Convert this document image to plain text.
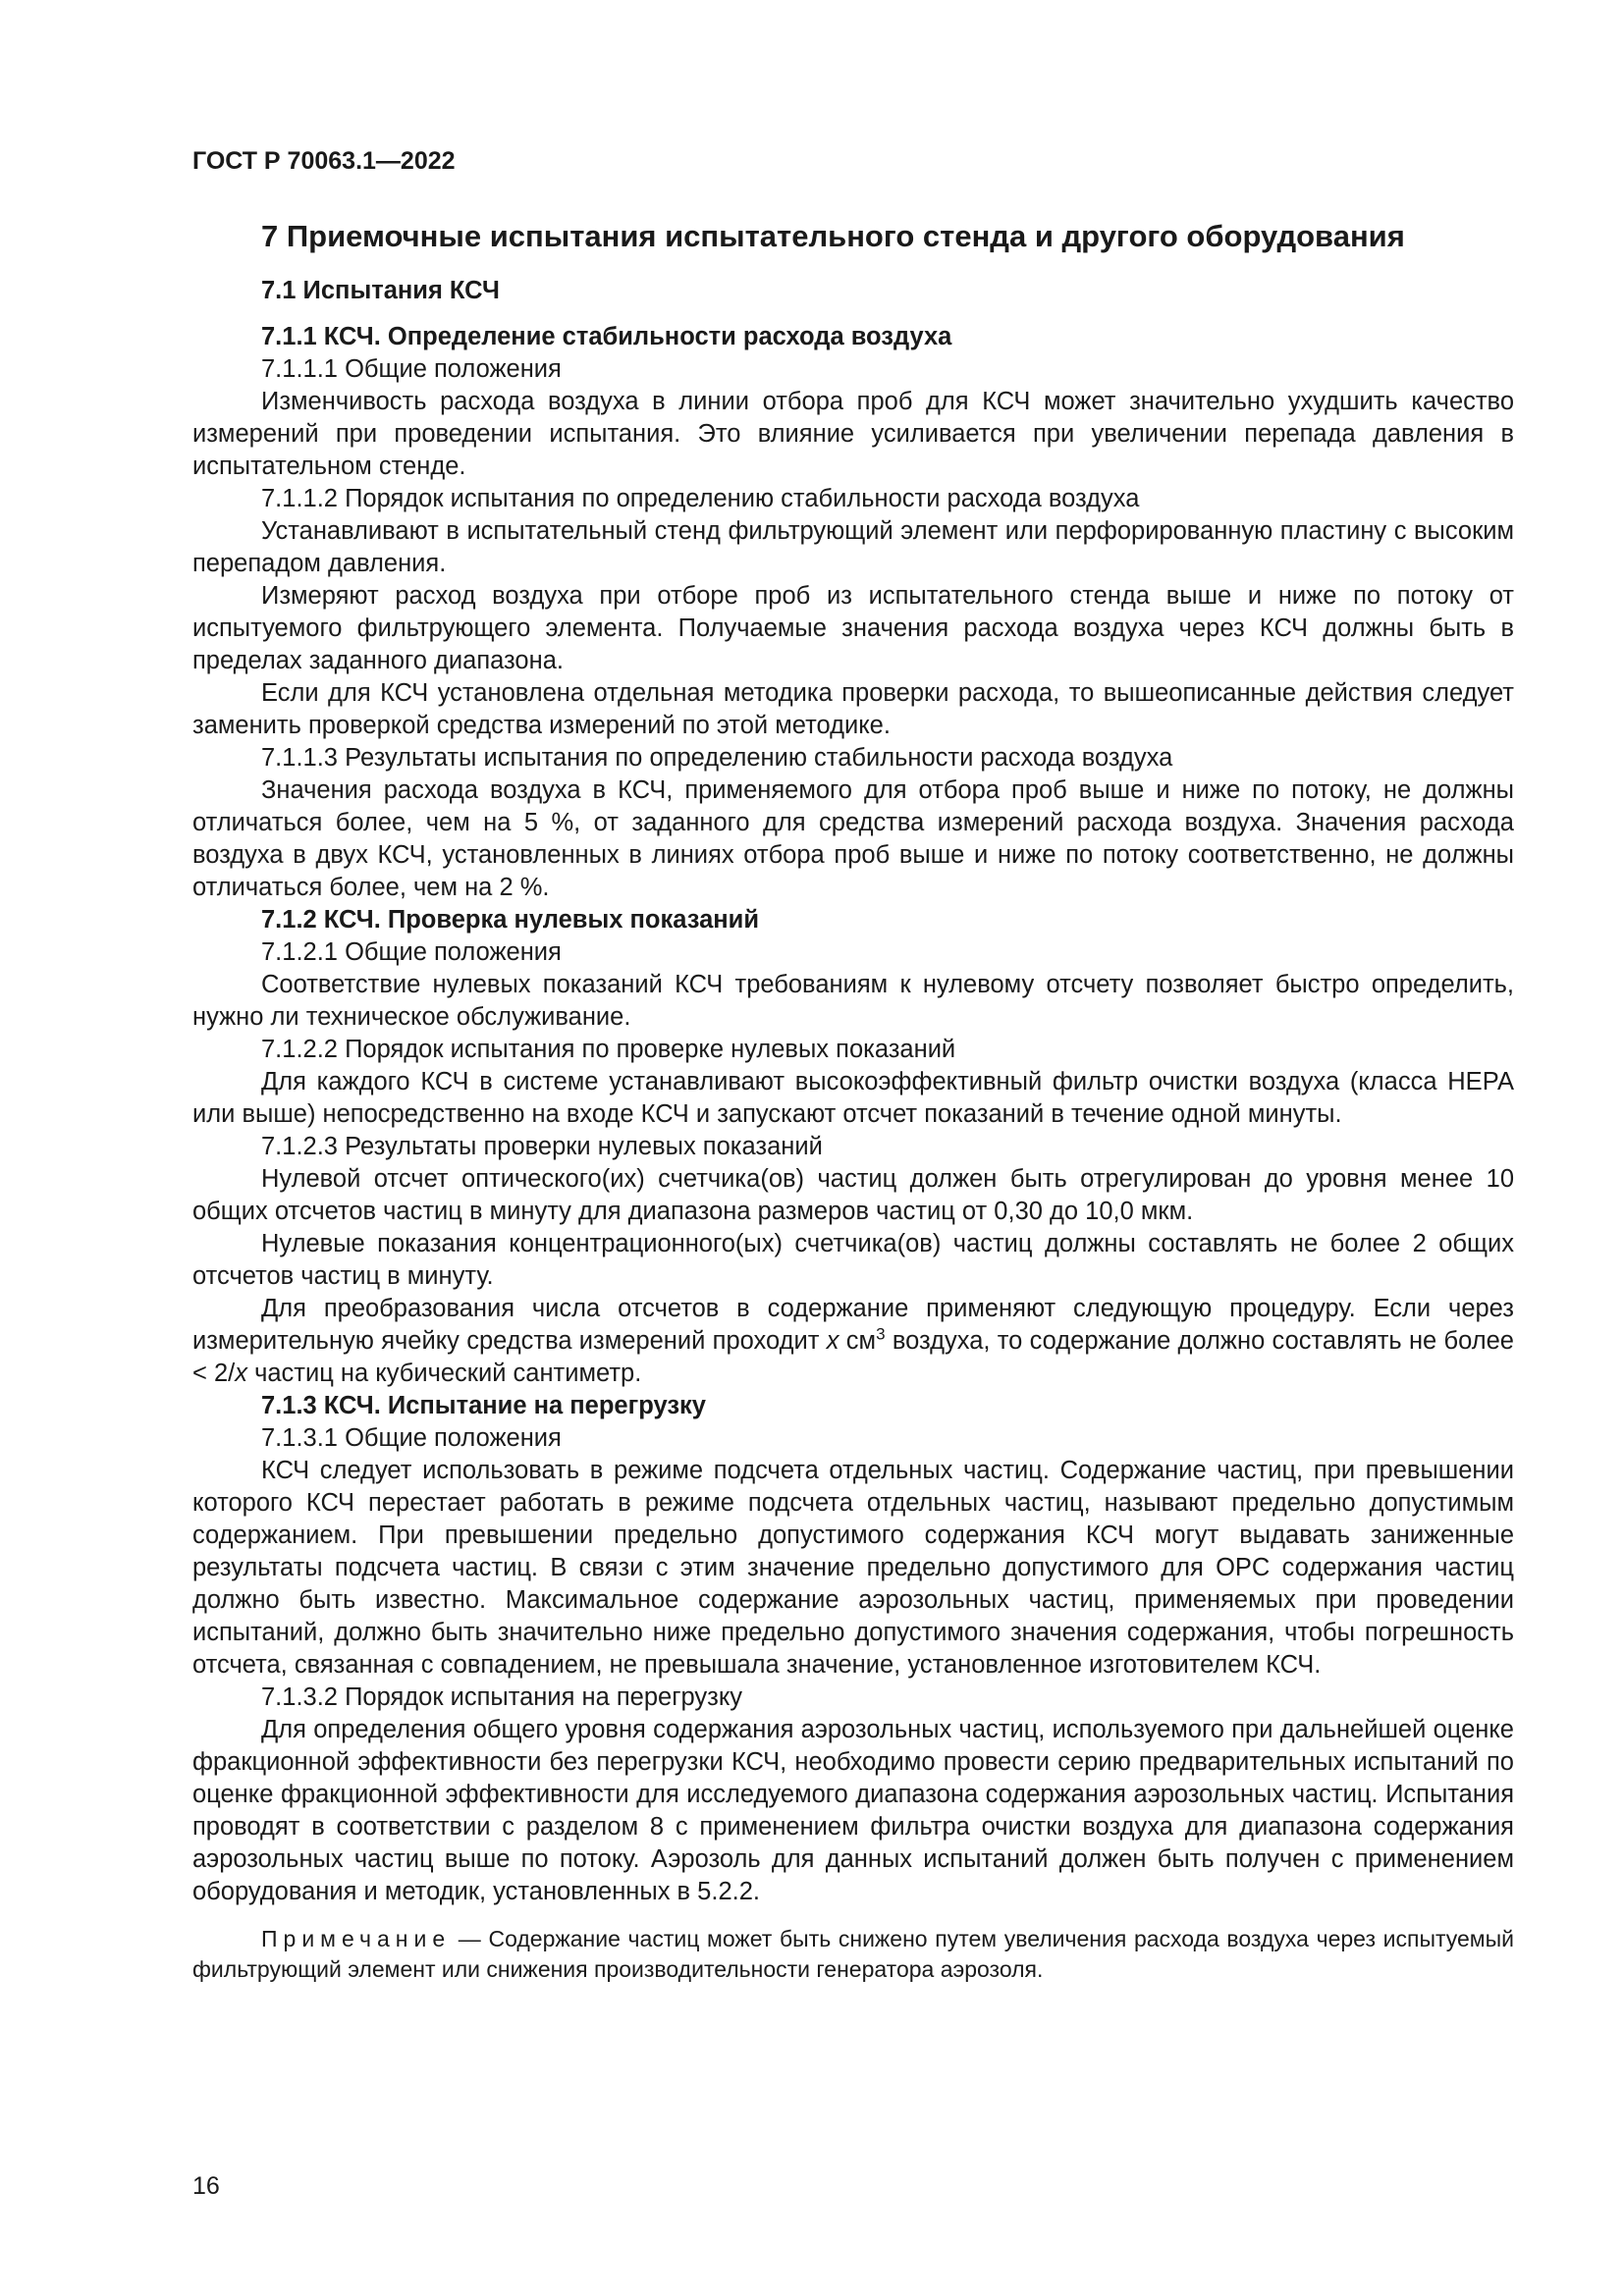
ГОСТ Р 70063.1—2022

7 Приемочные испытания испытательного стенда и другого оборудования

7.1 Испытания КСЧ

7.1.1 КСЧ. Определение стабильности расхода воздуха

7.1.1.1 Общие положения

Изменчивость расхода воздуха в линии отбора проб для КСЧ может значительно ухудшить качество измерений при проведении испытания. Это влияние усиливается при увеличении перепада давления в испытательном стенде.

7.1.1.2 Порядок испытания по определению стабильности расхода воздуха

Устанавливают в испытательный стенд фильтрующий элемент или перфорированную пластину с высоким перепадом давления.

Измеряют расход воздуха при отборе проб из испытательного стенда выше и ниже по потоку от испытуемого фильтрующего элемента. Получаемые значения расхода воздуха через КСЧ должны быть в пределах заданного диапазона.

Если для КСЧ установлена отдельная методика проверки расхода, то вышеописанные действия следует заменить проверкой средства измерений по этой методике.

7.1.1.3 Результаты испытания по определению стабильности расхода воздуха

Значения расхода воздуха в КСЧ, применяемого для отбора проб выше и ниже по потоку, не должны отличаться более, чем на 5 %, от заданного для средства измерений расхода воздуха. Значения расхода воздуха в двух КСЧ, установленных в линиях отбора проб выше и ниже по потоку соответственно, не должны отличаться более, чем на 2 %.

7.1.2 КСЧ. Проверка нулевых показаний

7.1.2.1 Общие положения

Соответствие нулевых показаний КСЧ требованиям к нулевому отсчету позволяет быстро определить, нужно ли техническое обслуживание.

7.1.2.2 Порядок испытания по проверке нулевых показаний

Для каждого КСЧ в системе устанавливают высокоэффективный фильтр очистки воздуха (класса НЕРА или выше) непосредственно на входе КСЧ и запускают отсчет показаний в течение одной минуты.

7.1.2.3 Результаты проверки нулевых показаний

Нулевой отсчет оптического(их) счетчика(ов) частиц должен быть отрегулирован до уровня менее 10 общих отсчетов частиц в минуту для диапазона размеров частиц от 0,30 до 10,0 мкм.

Нулевые показания концентрационного(ых) счетчика(ов) частиц должны составлять не более 2 общих отсчетов частиц в минуту.

Для преобразования числа отсчетов в содержание применяют следующую процедуру. Если через измерительную ячейку средства измерений проходит x $см^3$ воздуха, то содержание должно составлять не более < 2/x частиц на кубический сантиметр.

7.1.3 КСЧ. Испытание на перегрузку

7.1.3.1 Общие положения

КСЧ следует использовать в режиме подсчета отдельных частиц. Содержание частиц, при превышении которого КСЧ перестает работать в режиме подсчета отдельных частиц, называют предельно допустимым содержанием. При превышении предельно допустимого содержания КСЧ могут выдавать заниженные результаты подсчета частиц. В связи с этим значение предельно допустимого для OPC содержания частиц должно быть известно. Максимальное содержание аэрозольных частиц, применяемых при проведении испытаний, должно быть значительно ниже предельно допустимого значения содержания, чтобы погрешность отсчета, связанная с совпадением, не превышала значение, установленное изготовителем КСЧ.

7.1.3.2 Порядок испытания на перегрузку

Для определения общего уровня содержания аэрозольных частиц, используемого при дальнейшей оценке фракционной эффективности без перегрузки КСЧ, необходимо провести серию предварительных испытаний по оценке фракционной эффективности для исследуемого диапазона содержания аэрозольных частиц. Испытания проводят в соответствии с разделом 8 с применением фильтра очистки воздуха для диапазона содержания аэрозольных частиц выше по потоку. Аэрозоль для данных испытаний должен быть получен с применением оборудования и методик, установленных в 5.2.2.

Примечание — Содержание частиц может быть снижено путем увеличения расхода воздуха через испытуемый фильтрующий элемент или снижения производительности генератора аэрозоля.

16
